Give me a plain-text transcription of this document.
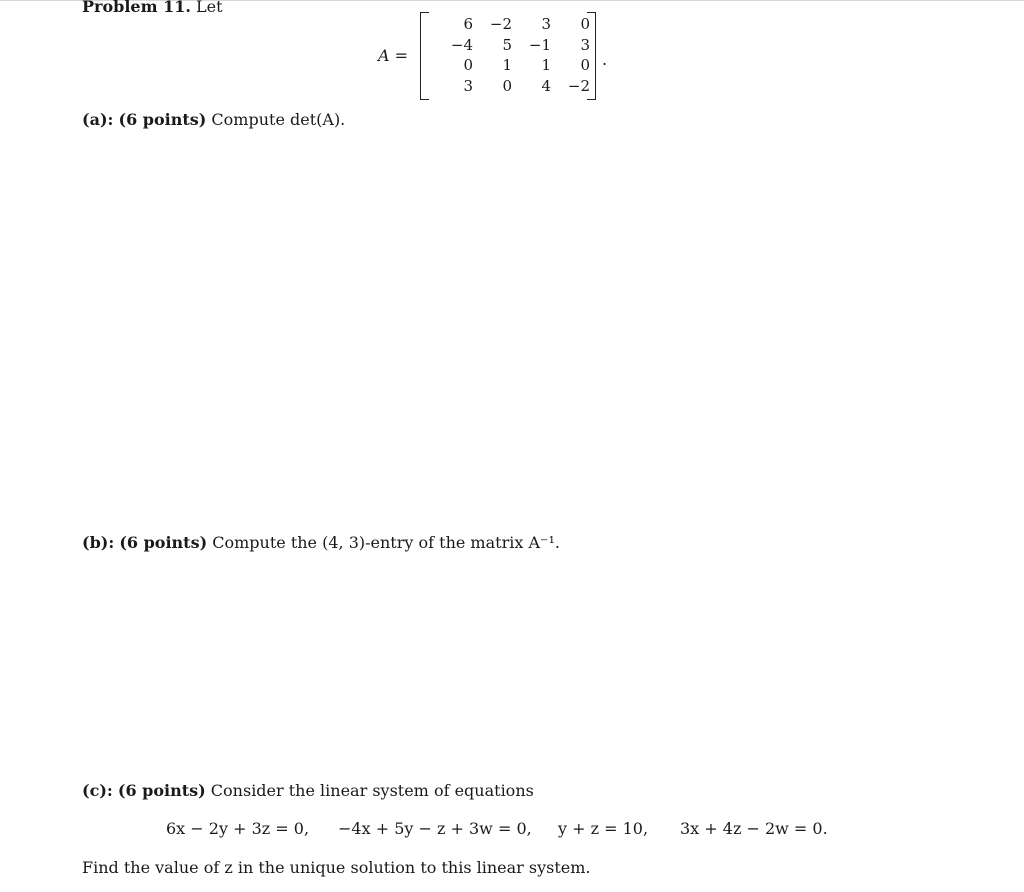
Problem 11. Let
A =
6	−2	3	0
−4	5	−1	3
0	1	1	0
3	0	4	−2
.
(a): (6 points) Compute det(A).
(b): (6 points) Compute the (4, 3)-entry of the matrix A⁻¹.
(c): (6 points) Consider the linear system of equations
6x − 2y + 3z = 0, −4x + 5y − z + 3w = 0, y + z = 10, 3x + 4z − 2w = 0.
Find the value of z in the unique solution to this linear system.
